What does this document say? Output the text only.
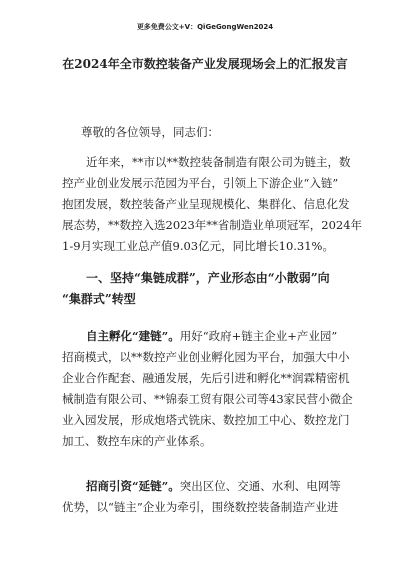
更多免费公文+V：QiGeGongWen2024
在2024年全市数控装备产业发展现场会上的汇报发言
尊敬的各位领导，同志们：
近年来，**市以**数控装备制造有限公司为链主，数
控产业创业发展示范园为平台，引领上下游企业“入链”
抱团发展，数控装备产业呈现规模化、集群化、信息化发
展态势，**数控入选2023年**省制造业单项冠军，2024年
1-9月实现工业总产值9.03亿元，同比增长10.31%。
一、坚持“集链成群”，产业形态由“小散弱”向
“集群式”转型
自主孵化“建链”。用好“政府+链主企业+产业园”
招商模式，以**数控产业创业孵化园为平台，加强大中小
企业合作配套、融通发展，先后引进和孵化**润霖精密机
械制造有限公司、**锦泰工贸有限公司等43家民营小微企
业入园发展，形成炮塔式铣床、数控加工中心、数控龙门
加工、数控车床的产业体系。
招商引资“延链”。突出区位、交通、水利、电网等
优势，以“链主”企业为牵引，围绕数控装备制造产业进
